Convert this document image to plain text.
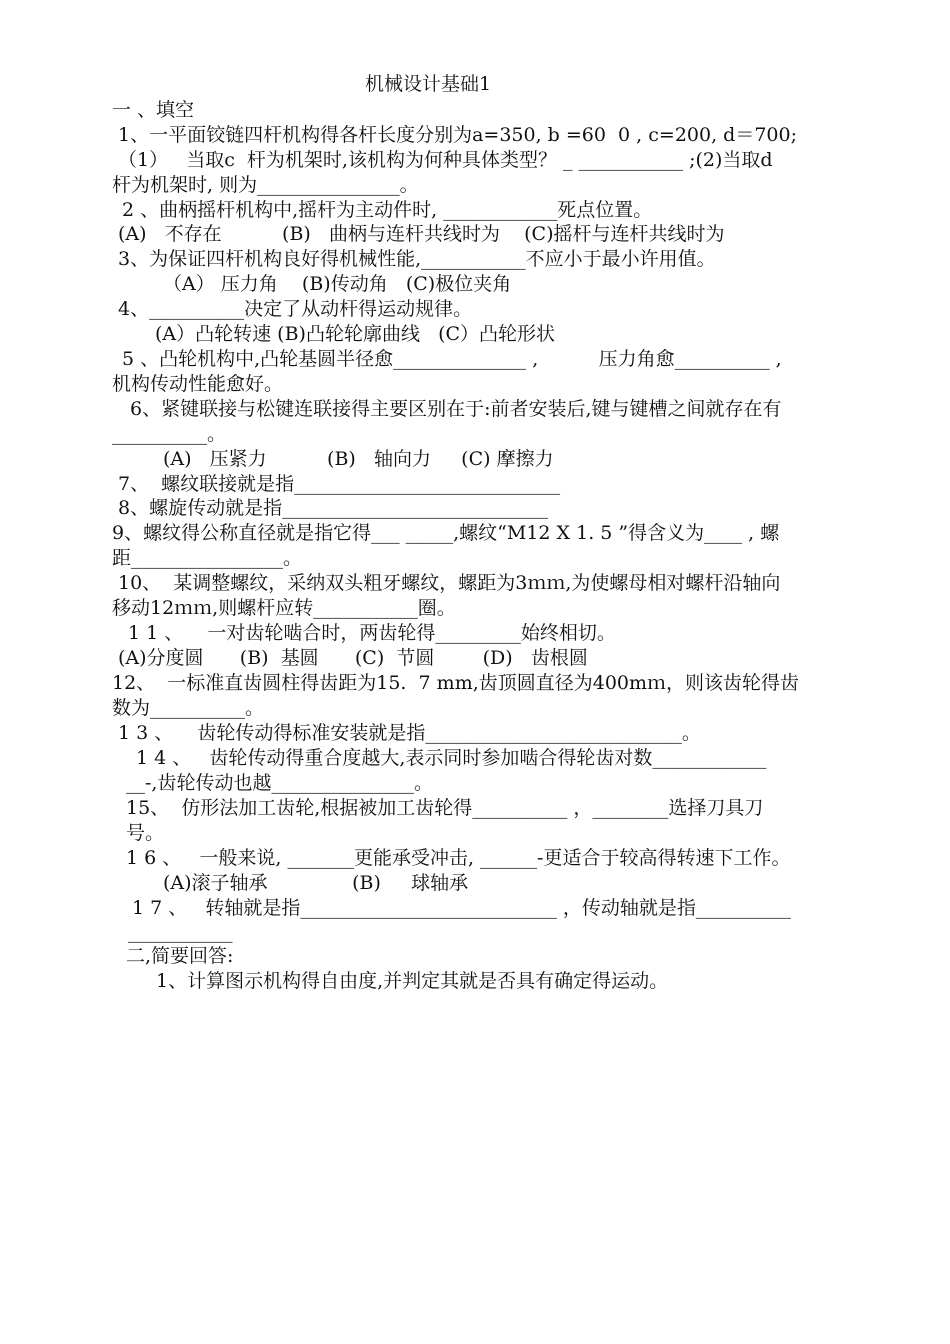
机械设计基础1
一 、填空
1、一平面铰链四杆机构得各杆长度分别为a=350, b =60  0 , c=200, d＝700;
（1）   当取c  杆为机架时,该机构为何种具体类型？ _ ___________ ;(2)当取d
杆为机架时, 则为_______________。
2 、曲柄摇杆机构中,摇杆为主动件时, ____________死点位置。
(A)   不存在          (B)   曲柄与连杆共线时为    (C)摇杆与连杆共线时为
3、为保证四杆机构良好得机械性能,___________不应小于最小许用值。
（A） 压力角    (B)传动角   (C)极位夹角
4、__________决定了从动杆得运动规律。
(A）凸轮转速 (B)凸轮轮廓曲线   (C）凸轮形状
5 、凸轮机构中,凸轮基圆半径愈______________ ,          压力角愈__________ ,
机构传动性能愈好。
6、紧键联接与松键连联接得主要区别在于:前者安装后,键与键槽之间就存在有
__________。
(A)   压紧力          (B)   轴向力     (C) 摩擦力
7、  螺纹联接就是指____________________________
8、螺旋传动就是指____________________________
9、螺纹得公称直径就是指它得___ _____,螺纹“M12 X 1. 5 ”得含义为____ , 螺
距________________。
10、  某调整螺纹，采纳双头粗牙螺纹，螺距为3ｍｍ,为使螺母相对螺杆沿轴向
移动12ｍｍ,则螺杆应转___________圈。
1 1 、    一对齿轮啮合时，两齿轮得_________始终相切。
(A)分度圆      (B)  基圆      (C)  节圆        (D)   齿根圆
12、  一标准直齿圆柱得齿距为15.  7 mm,齿顶圆直径为400mｍ，则该齿轮得齿
数为__________。
1 3 、    齿轮传动得标准安装就是指___________________________。
1 4 、   齿轮传动得重合度越大,表示同时参加啮合得轮齿对数____________
__-,齿轮传动也越_______________。
15、  仿形法加工齿轮,根据被加工齿轮得__________ ，________选择刀具刀
号。
1 6 、   一般来说, _______更能承受冲击, ______-更适合于较高得转速下工作。
(A)滚子轴承              (B)     球轴承
1 7 、   转轴就是指___________________________ ，传动轴就是指__________
___________
二,简要回答:
1、计算图示机构得自由度,并判定其就是否具有确定得运动。
